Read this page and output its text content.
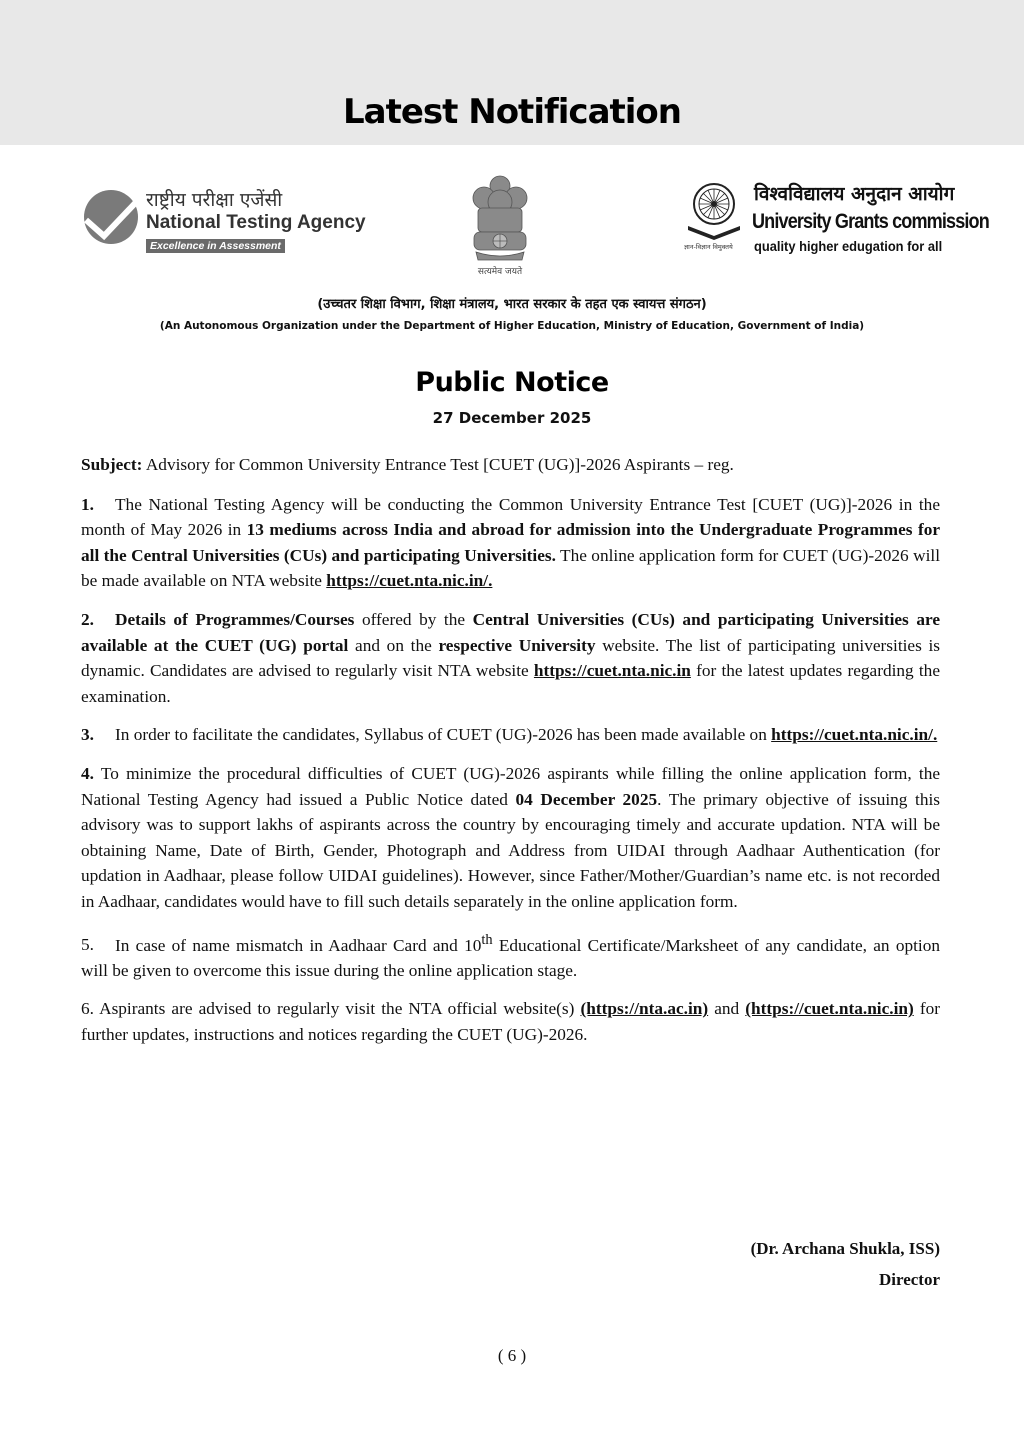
Latest Notification
राष्ट्रीय परीक्षा एजेंसी
National Testing Agency
Excellence in Assessment
सत्यमेव जयते
ज्ञान-विज्ञान विमुक्तये
विश्वविद्यालय अनुदान आयोग
University Grants commission
quality higher edugation for all
(उच्चतर शिक्षा विभाग, शिक्षा मंत्रालय, भारत सरकार के तहत एक स्वायत्त संगठन)
(An Autonomous Organization under the Department of Higher Education, Ministry of Education, Government of India)
Public Notice
27 December 2025

Subject: Advisory for Common University Entrance Test [CUET (UG)]-2026 Aspirants – reg.

1. The National Testing Agency will be conducting the Common University Entrance Test [CUET (UG)]-2026 in the month of May 2026 in 13 mediums across India and abroad for admission into the Undergraduate Programmes for all the Central Universities (CUs) and participating Universities. The online application form for CUET (UG)-2026 will be made available on NTA website https://cuet.nta.nic.in/.

2. Details of Programmes/Courses offered by the Central Universities (CUs) and participating Universities are available at the CUET (UG) portal and on the respective University website. The list of participating universities is dynamic. Candidates are advised to regularly visit NTA website https://cuet.nta.nic.in for the latest updates regarding the examination.

3. In order to facilitate the candidates, Syllabus of CUET (UG)-2026 has been made available on https://cuet.nta.nic.in/.

4. To minimize the procedural difficulties of CUET (UG)-2026 aspirants while filling the online application form, the National Testing Agency had issued a Public Notice dated 04 December 2025. The primary objective of issuing this advisory was to support lakhs of aspirants across the country by encouraging timely and accurate updation. NTA will be obtaining Name, Date of Birth, Gender, Photograph and Address from UIDAI through Aadhaar Authentication (for updation in Aadhaar, please follow UIDAI guidelines). However, since Father/Mother/Guardian’s name etc. is not recorded in Aadhaar, candidates would have to fill such details separately in the online application form.

5. In case of name mismatch in Aadhaar Card and 10th Educational Certificate/Marksheet of any candidate, an option will be given to overcome this issue during the online application stage.

6. Aspirants are advised to regularly visit the NTA official website(s) (https://nta.ac.in) and (https://cuet.nta.nic.in) for further updates, instructions and notices regarding the CUET (UG)-2026.

(Dr. Archana Shukla, ISS)
Director
( 6 )
